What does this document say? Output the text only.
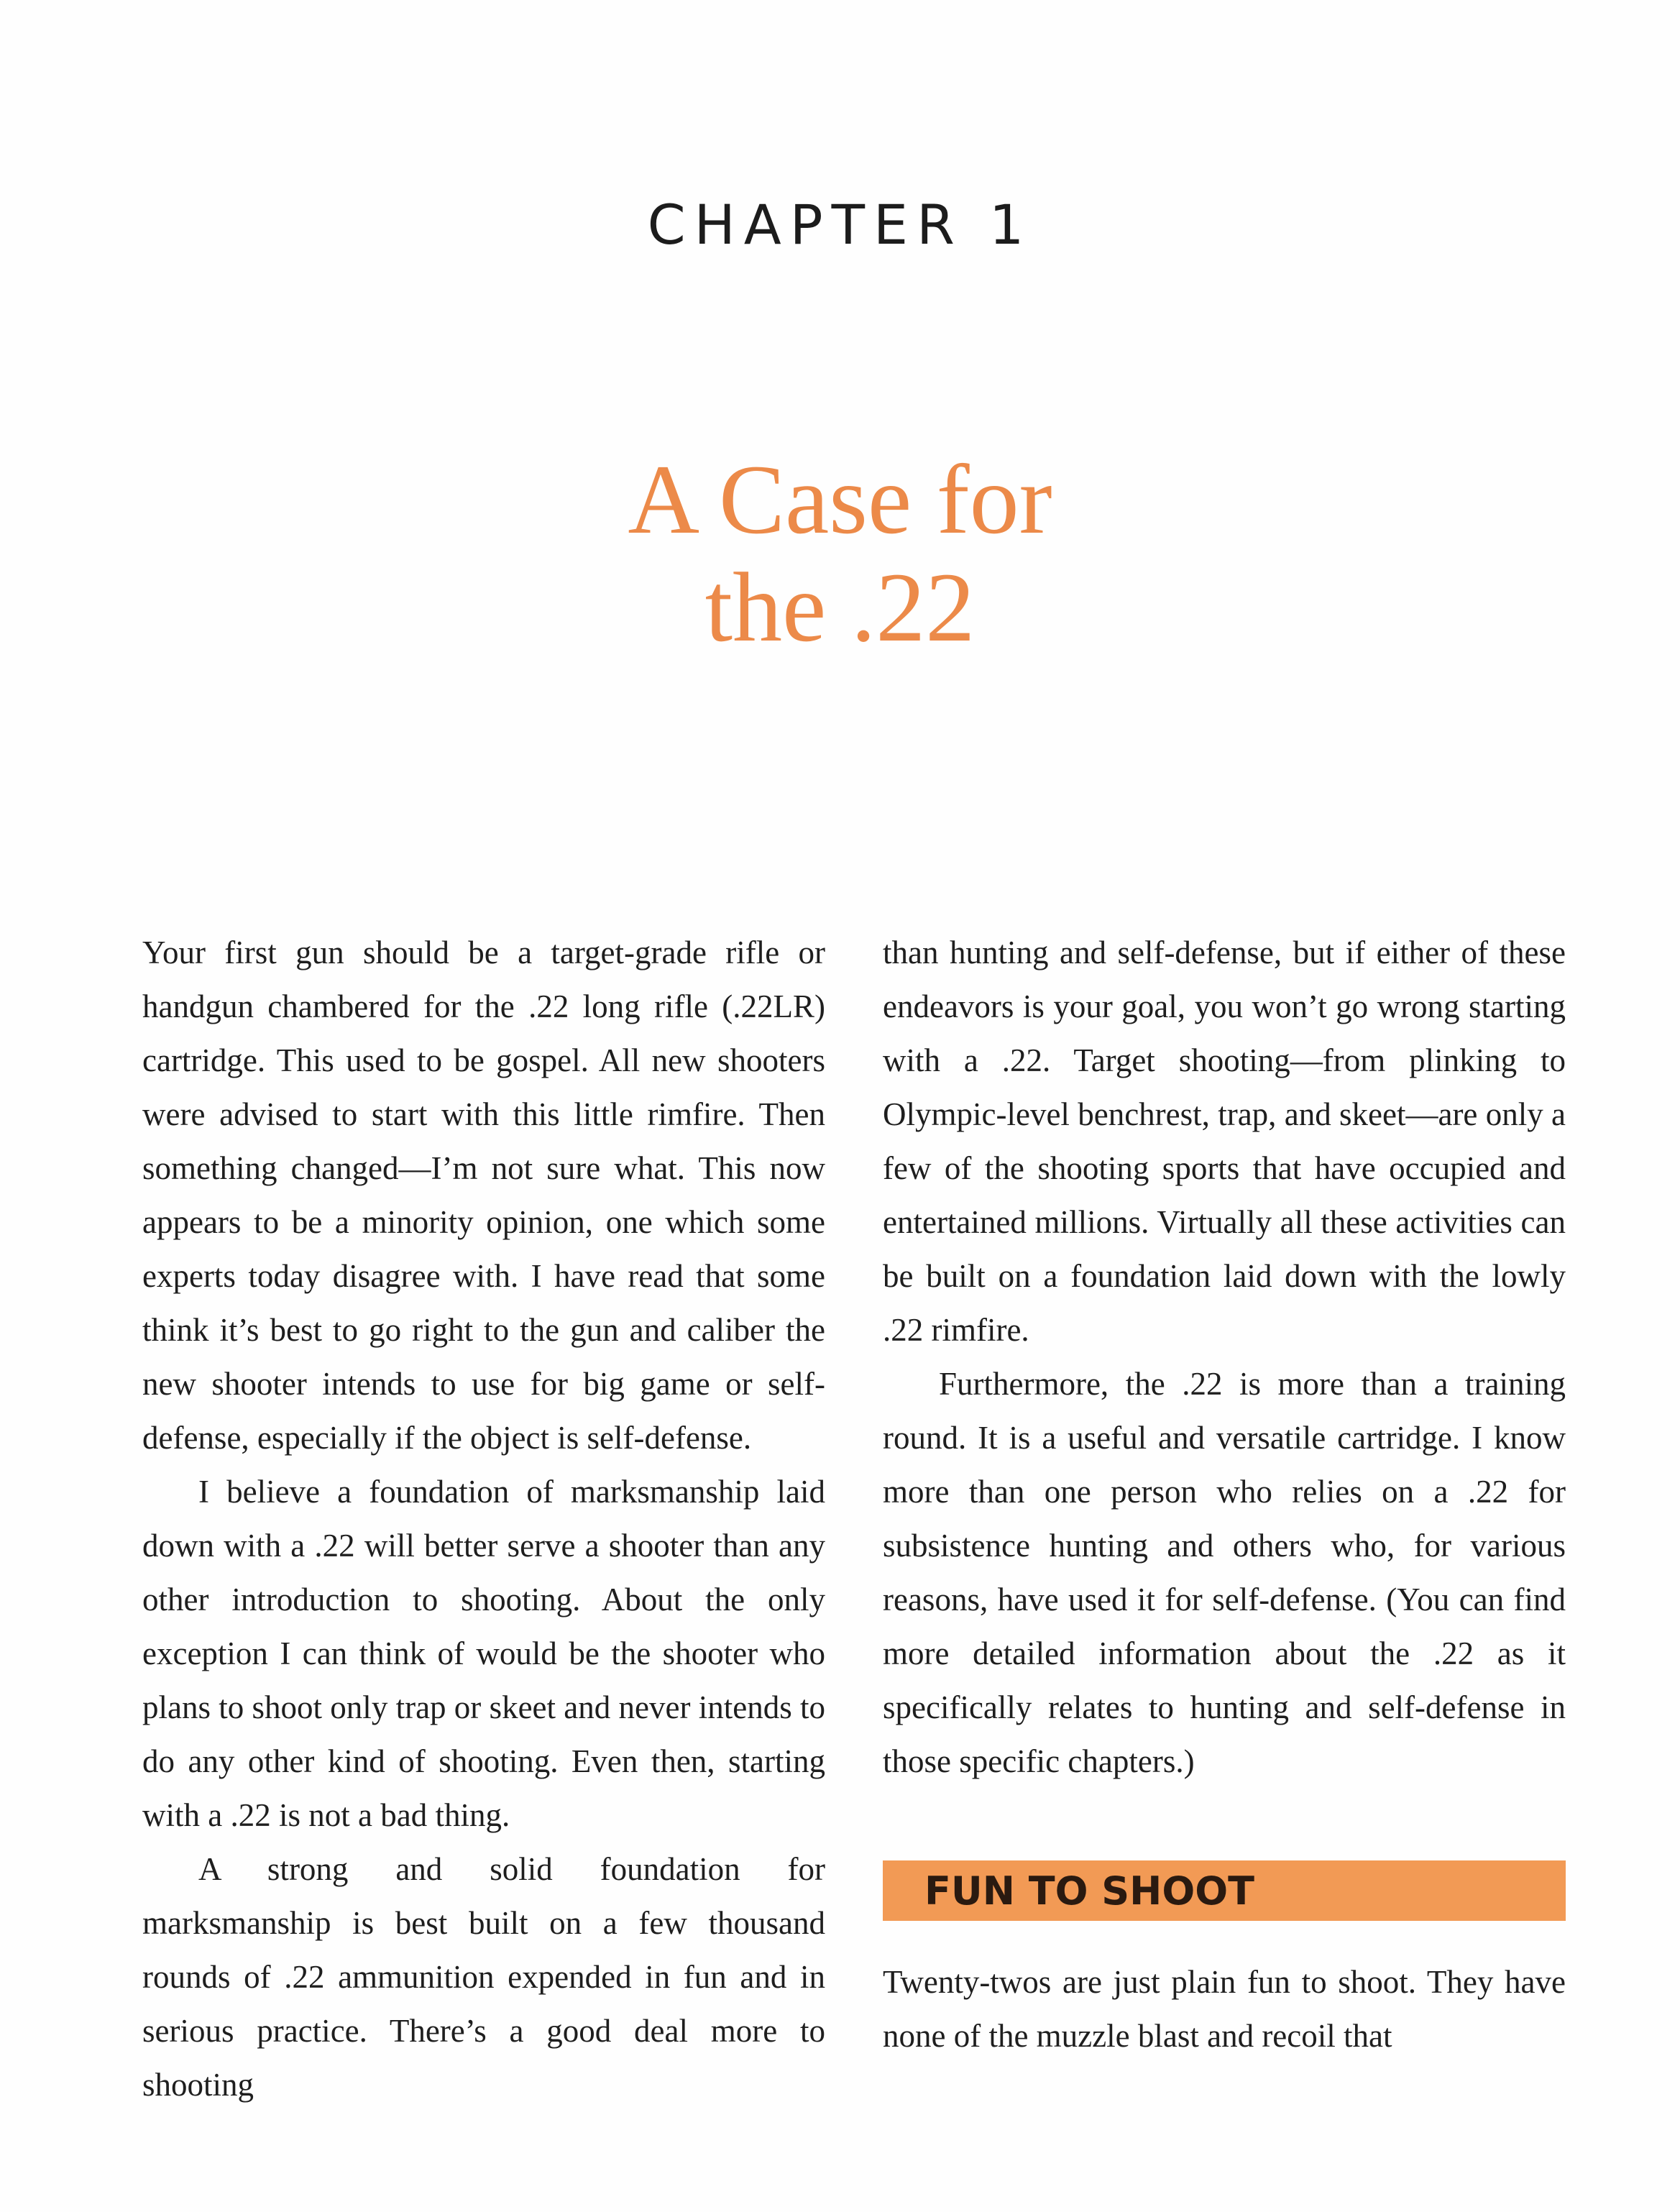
CHAPTER 1
A Case for
the .22

Your first gun should be a target-grade rifle or handgun chambered for the .22 long rifle (.22LR) cartridge. This used to be gospel. All new shooters were advised to start with this little rimfire. Then something changed—I’m not sure what. This now appears to be a minority opinion, one which some experts today disagree with. I have read that some think it’s best to go right to the gun and caliber the new shooter intends to use for big game or self-defense, especially if the object is self-defense.

I believe a foundation of marksmanship laid down with a .22 will better serve a shooter than any other introduction to shooting. About the only exception I can think of would be the shooter who plans to shoot only trap or skeet and never intends to do any other kind of shooting. Even then, starting with a .22 is not a bad thing.

A strong and solid foundation for marksmanship is best built on a few thousand rounds of .22 ammunition expended in fun and in serious practice. There’s a good deal more to shooting

than hunting and self-defense, but if either of these endeavors is your goal, you won’t go wrong starting with a .22. Target shooting—from plinking to Olympic-level benchrest, trap, and skeet—are only a few of the shooting sports that have occupied and entertained millions. Virtually all these activities can be built on a foundation laid down with the lowly .22 rimfire.

Furthermore, the .22 is more than a training round. It is a useful and versatile cartridge. I know more than one person who relies on a .22 for subsistence hunting and others who, for various reasons, have used it for self-defense. (You can find more detailed information about the .22 as it specifically relates to hunting and self-defense in those specific chapters.)

FUN TO SHOOT

Twenty-twos are just plain fun to shoot. They have none of the muzzle blast and recoil that
